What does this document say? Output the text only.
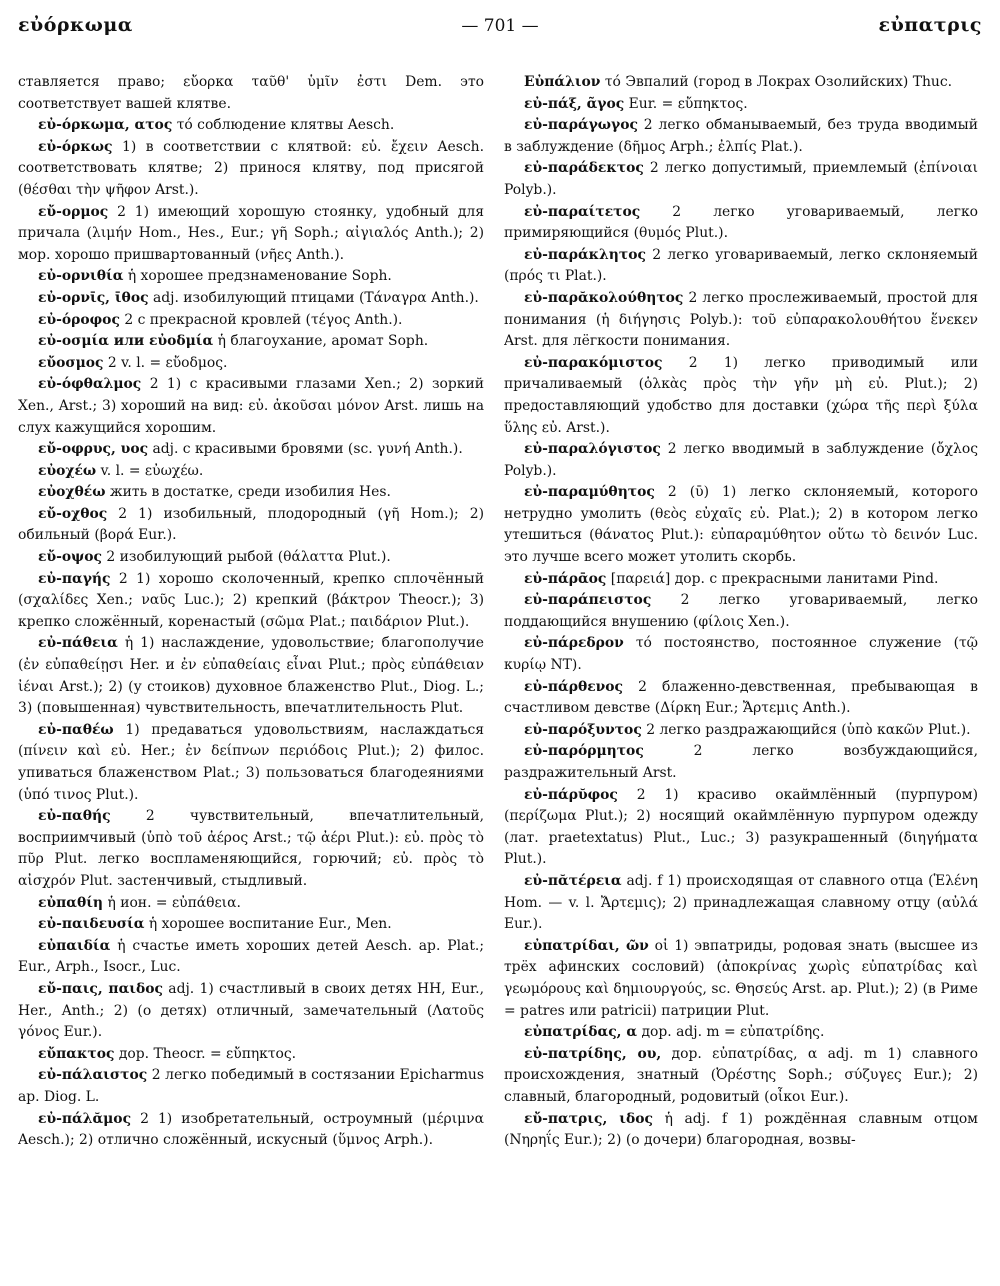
εὐόρκωμα	— 701 —	εὐπατρις

ставляется право; εὔορκα ταῦθ' ὑμῖν ἐστι Dem. это соответствует вашей клятве.

εὐ-όρκωμα, ατος τό соблюдение клятвы Aesch.

εὐ-όρκως 1) в соответствии с клятвой: εὐ. ἔχειν Aesch. соответствовать клятве; 2) принося клятву, под присягой (θέσθαι τὴν ψῆφον Arst.).

εὔ-ορμος 2 1) имеющий хорошую стоянку, удобный для причала (λιμήν Hom., Hes., Eur.; γῆ Soph.; αἰγιαλός Anth.); 2) мор. хорошо пришвартованный (νῆες Anth.).

εὐ-ορνιθία ἡ хорошее предзнаменование Soph.

εὐ-ορνῑς, ῑθος adj. изобилующий птицами (Τάναγρα Anth.).

εὐ-όροφος 2 с прекрасной кровлей (τέγος Anth.).

εὐ-οσμία или εὐοδμία ἡ благоухание, аромат Soph.

εὔοσμος 2 v. l. = εὔοδμος.

εὐ-όφθαλμος 2 1) с красивыми глазами Xen.; 2) зоркий Xen., Arst.; 3) хороший на вид: εὐ. ἀκοῦσαι μόνον Arst. лишь на слух кажущийся хорошим.

εὔ-οφρυς, υος adj. с красивыми бровями (sc. γυνή Anth.).

εὐοχέω v. l. = εὐωχέω.

εὐοχθέω жить в достатке, среди изобилия Hes.

εὔ-οχθος 2 1) изобильный, плодородный (γῆ Hom.); 2) обильный (βορά Eur.).

εὔ-οψος 2 изобилующий рыбой (θάλαττα Plut.).

εὐ-παγής 2 1) хорошо сколоченный, крепко сплочённый (σχαλίδες Xen.; ναῦς Luc.); 2) крепкий (βάκτρον Theocr.); 3) крепко сложённый, коренастый (σῶμα Plat.; παιδάριον Plut.).

εὐ-πάθεια ἡ 1) наслаждение, удовольствие; благополучие (ἐν εὐπαθείῃσι Her. и ἐν εὐπαθείαις εἶναι Plut.; πρὸς εὐπάθειαν ἰέναι Arst.); 2) (у стоиков) духовное блаженство Plut., Diog. L.; 3) (повышенная) чувствительность, впечатлительность Plut.

εὐ-παθέω 1) предаваться удовольствиям, наслаждаться (πίνειν καὶ εὐ. Her.; ἐν δείπνων περιόδοις Plut.); 2) филос. упиваться блаженством Plat.; 3) пользоваться благодеяниями (ὑπό τινος Plut.).

εὐ-παθής	2 чувствительный, впечатлительный, восприимчивый (ὑπὸ τοῦ ἀέρος Arst.; τῷ ἀέρι Plut.): εὐ. πρὸς τὸ πῦρ Plut. легко воспламеняющийся, горючий; εὐ. πρὸς τὸ αἰσχρόν Plut. застенчивый, стыдливый.

εὐπαθίη ἡ ион. = εὐπάθεια.

εὐ-παιδευσία ἡ хорошее воспитание Eur., Men.

εὐπαιδία ἡ счастье иметь хороших детей Aesch. ap. Plat.; Eur., Arph., Isocr., Luc.

εὔ-παις, παιδος adj. 1) счастливый в своих детях HH, Eur., Her., Anth.; 2) (о детях) отличный, замечательный (Λατοῦς γόνος Eur.).

εὔπακτος дор. Theocr. = εὔπηκτος.

εὐ-πάλαιστος 2 легко победимый в состязании Epicharmus ap. Diog. L.

εὐ-πάλᾰμος 2 1) изобретательный, остроумный (μέριμνα Aesch.); 2) отлично сложённый, искусный (ὕμνος Arph.).

Εὐπάλιον τό Эвпалий (город в Локрах Озолийских) Thuc.

εὐ-πάξ, ᾶγος Eur. = εὔπηκτος.

εὐ-παράγωγος 2 легко обманываемый, без труда вводимый в заблуждение (δῆμος Arph.; ἐλπίς Plat.).

εὐ-παράδεκτος 2 легко допустимый, приемлемый (ἐπίνοιαι Polyb.).

εὐ-παραίτετος 2 легко уговариваемый, легко примиряющийся (θυμός Plut.).

εὐ-παράκλητος 2 легко уговариваемый, легко склоняемый (πρός τι Plat.).

εὐ-παρᾰκολούθητος 2 легко прослеживаемый, простой для понимания (ἡ διήγησις Polyb.): τοῦ εὐπαρακολουθήτου ἕνεκεν Arst. для лёгкости понимания.

εὐ-παρακόμιστος 2 1) легко приводимый или причаливаемый (ὁλκὰς πρὸς τὴν γῆν μὴ εὐ. Plut.); 2) предоставляющий удобство для доставки (χώρα τῆς περὶ ξύλα ὕλης εὐ. Arst.).

εὐ-παραλόγιστος 2 легко вводимый в заблуждение (ὄχλος Polyb.).

εὐ-παραμύθητος 2 (ῡ) 1) легко склоняемый, которого нетрудно умолить (θεὸς εὐχαῖς εὐ. Plat.); 2) в котором легко утешиться (θάνατος Plut.): εὐπαραμύθητον οὕτω τὸ δεινόν Luc. это лучше всего может утолить скорбь.

εὐ-πάρᾱος [παρειά] дор. с прекрасными ланитами Pind.

εὐ-παράπειστος 2 легко уговариваемый, легко поддающийся внушению (φίλοις Xen.).

εὐ-πάρεδρον τό постоянство, постоянное служение (τῷ κυρίῳ NT).

εὐ-πάρθενος 2 блаженно-девственная, пребывающая в счастливом девстве (Δίρκη Eur.; Ἄρτεμις Anth.).

εὐ-παρόξυντος 2 легко раздражающийся (ὑπὸ κακῶν Plut.).

εὐ-παρόρμητος	2 легко возбуждающийся, раздражительный Arst.

εὐ-πάρῠφος 2 1) красиво окаймлённый (пурпуром) (περίζωμα Plut.); 2) носящий окаймлённую пурпуром одежду (лат. praetextatus) Plut., Luc.; 3) разукрашенный (διηγήματα Plut.).

εὐ-πᾰτέρεια adj. f 1) происходящая от славного отца (Ἑλένη Hom. — v. l. Ἄρτεμις); 2) принадлежащая славному отцу (αὐλά Eur.).

εὐπατρίδαι, ῶν οἱ 1) эвпатриды, родовая знать (высшее из трёх афинских сословий) (ἀποκρίνας χωρὶς εὐπατρίδας καὶ γεωμόρους καὶ δημιουργούς, sc. Θησεύς Arst. ap. Plut.); 2) (в Риме = patres или patricii) патриции Plut.

εὐπατρίδας, α дор. adj. m = εὐπατρίδης.

εὐ-πατρίδης, ου, дор. εὐπατρίδας, α adj. m 1) славного происхождения, знатный (Ὀρέστης Soph.; σύζυγες Eur.); 2) славный, благородный, родовитый (οἶκοι Eur.).

εὔ-πατρις, ιδος ἡ adj. f 1) рождённая славным отцом (Νηρηΐς Eur.); 2) (о дочери) благородная, возвы-
